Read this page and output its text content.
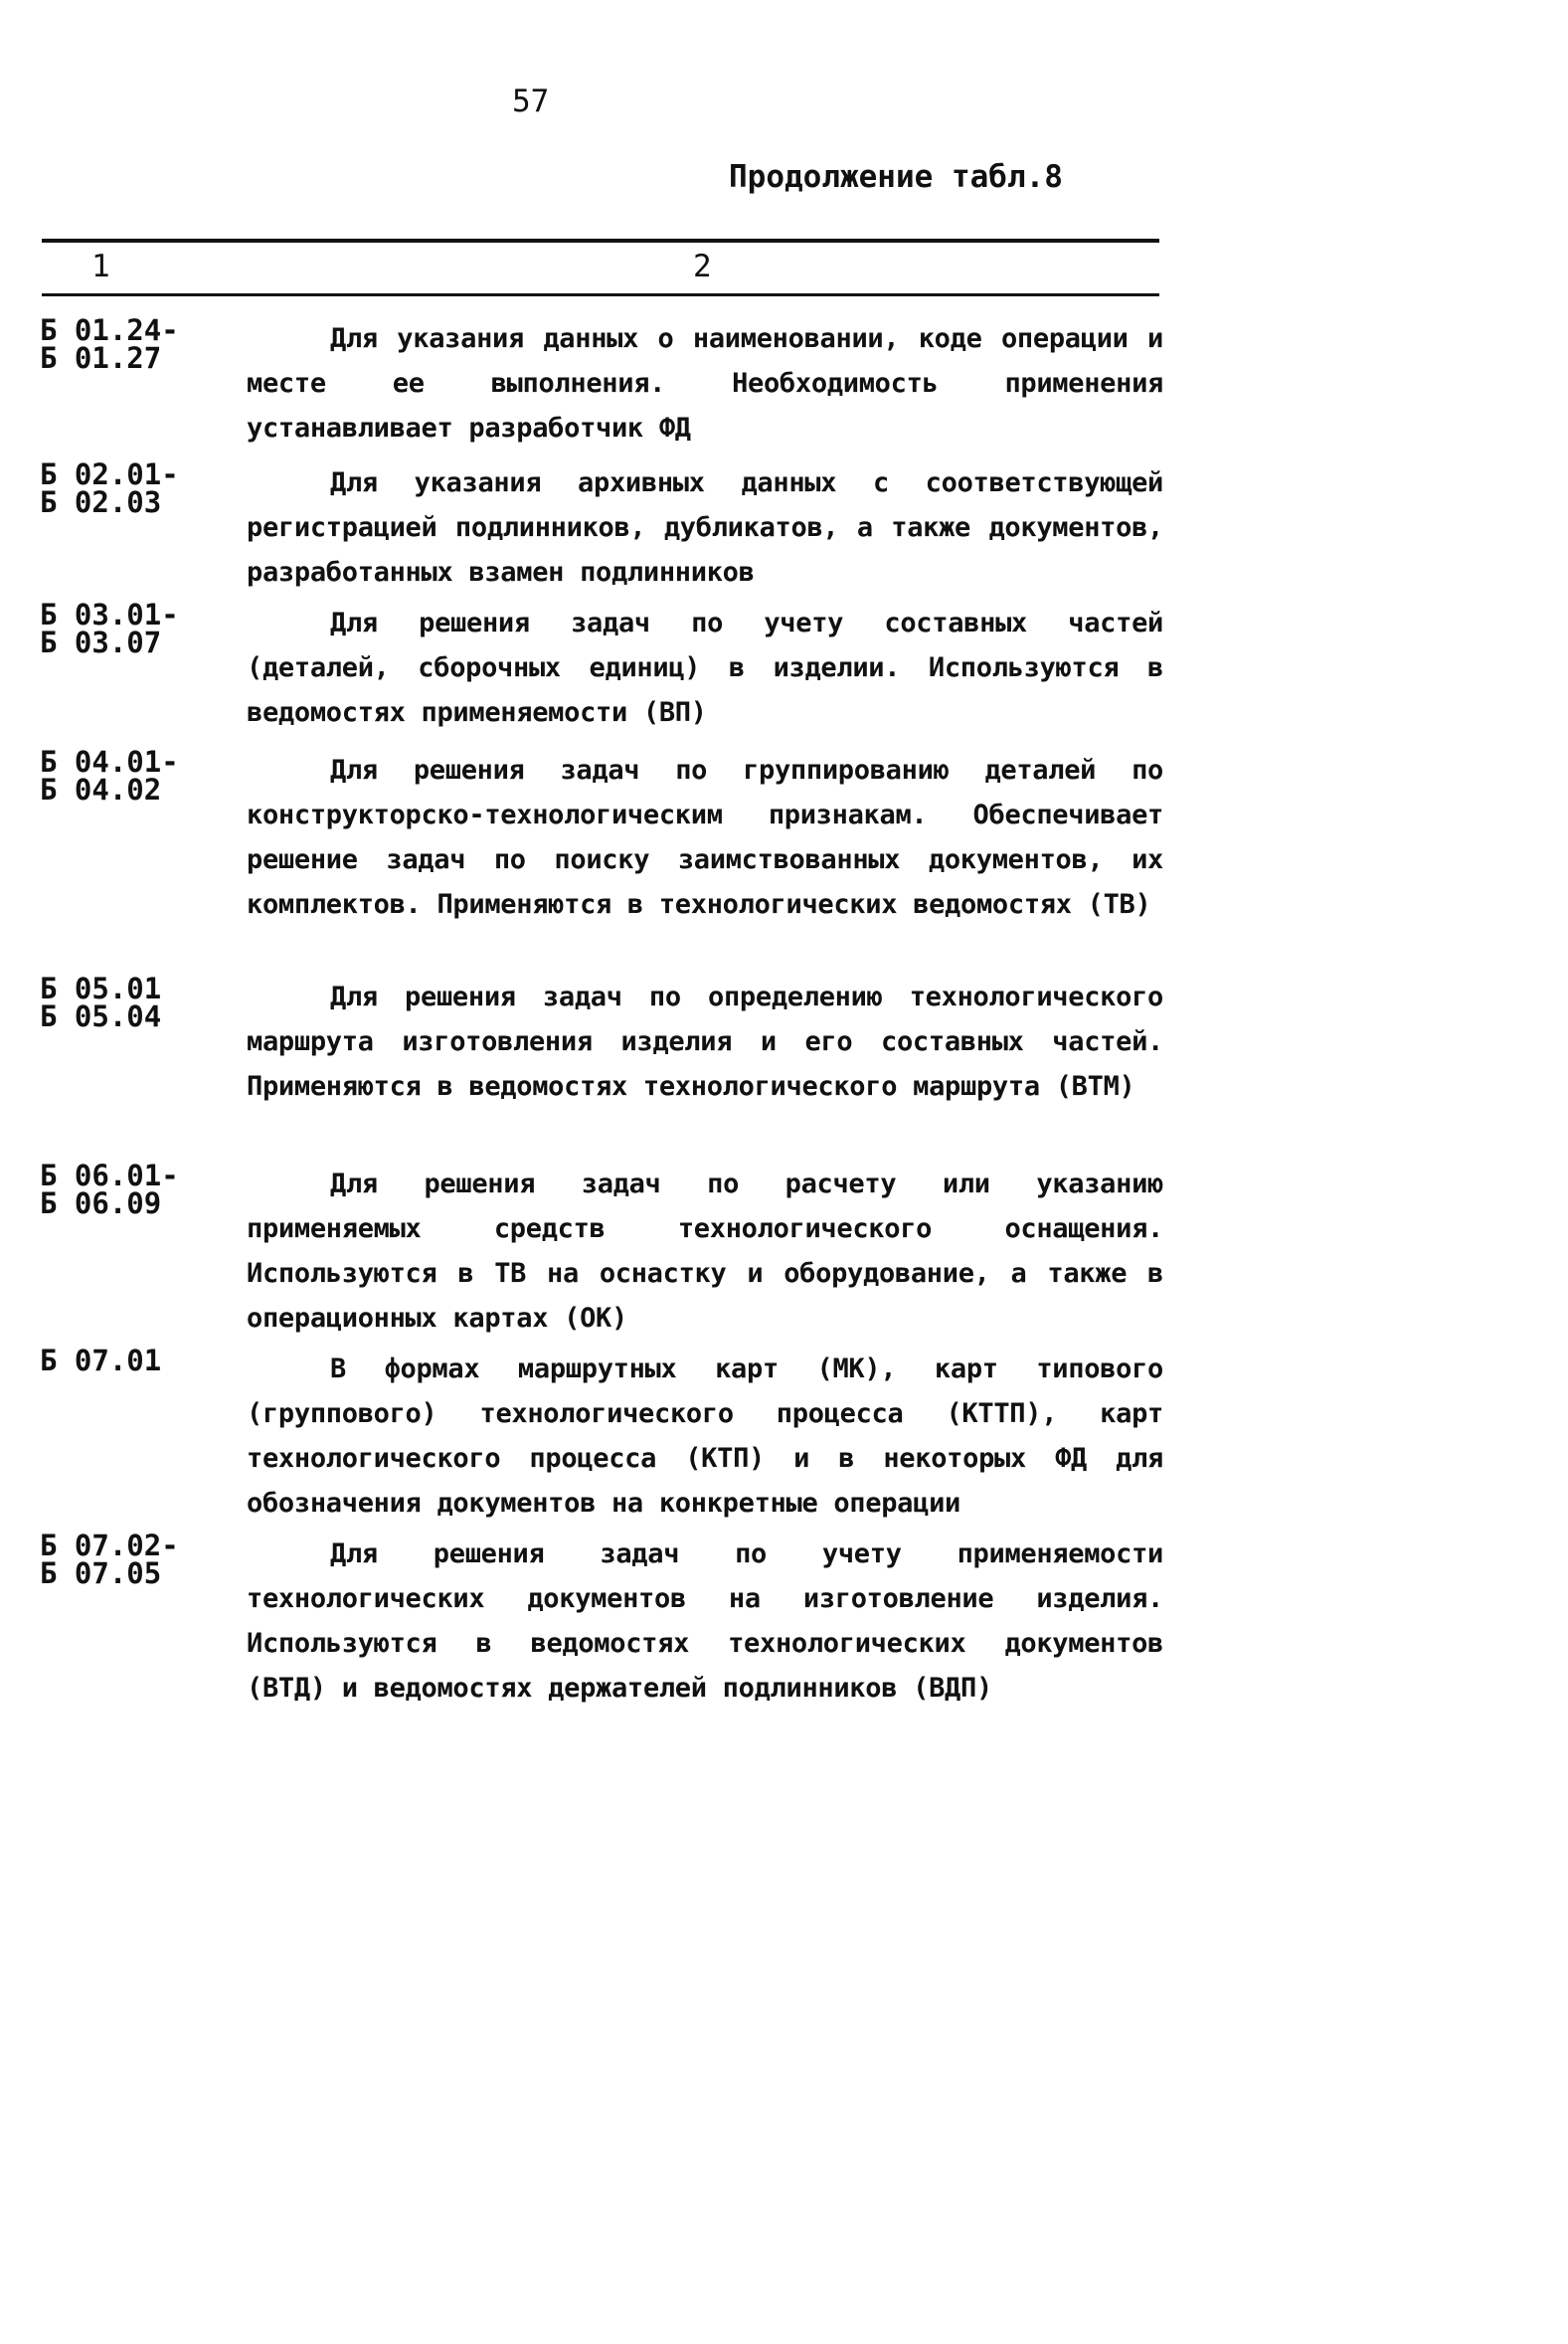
57
Продолжение табл.8
1	2
Б 01.24-
Б 01.27
Для указания данных о наименовании, коде операции и месте ее выполнения. Необходимость применения устанавливает разработчик ФД
Б 02.01-
Б 02.03
Для указания архивных данных с соответствующей регистрацией подлинников, дубликатов, а также документов, разработанных взамен подлинников
Б 03.01-
Б 03.07
Для решения задач по учету составных частей (деталей, сборочных единиц) в изделии. Используются в ведомостях применяемости (ВП)
Б 04.01-
Б 04.02
Для решения задач по группированию деталей по конструкторско-технологическим признакам. Обеспечивает решение задач по поиску заимствованных документов, их комплектов. Применяются в технологических ведомостях (ТВ)
Б 05.01
Б 05.04
Для решения задач по определению технологического маршрута изготовления изделия и его составных частей. Применяются в ведомостях технологического маршрута (ВТМ)
Б 06.01-
Б 06.09
Для решения задач по расчету или указанию применяемых средств технологического оснащения. Используются в ТВ на оснастку и оборудование, а также в операционных картах (ОК)
Б 07.01	В формах маршрутных карт (МК), карт типового (группового) технологического процесса (КТТП), карт технологического процесса (КТП) и в некоторых ФД для обозначения документов на конкретные операции
Б 07.02-
Б 07.05
Для решения задач по учету применяемости технологических документов на изготовление изделия. Используются в ведомостях технологических документов (ВТД) и ведомостях держателей подлинников (ВДП)
